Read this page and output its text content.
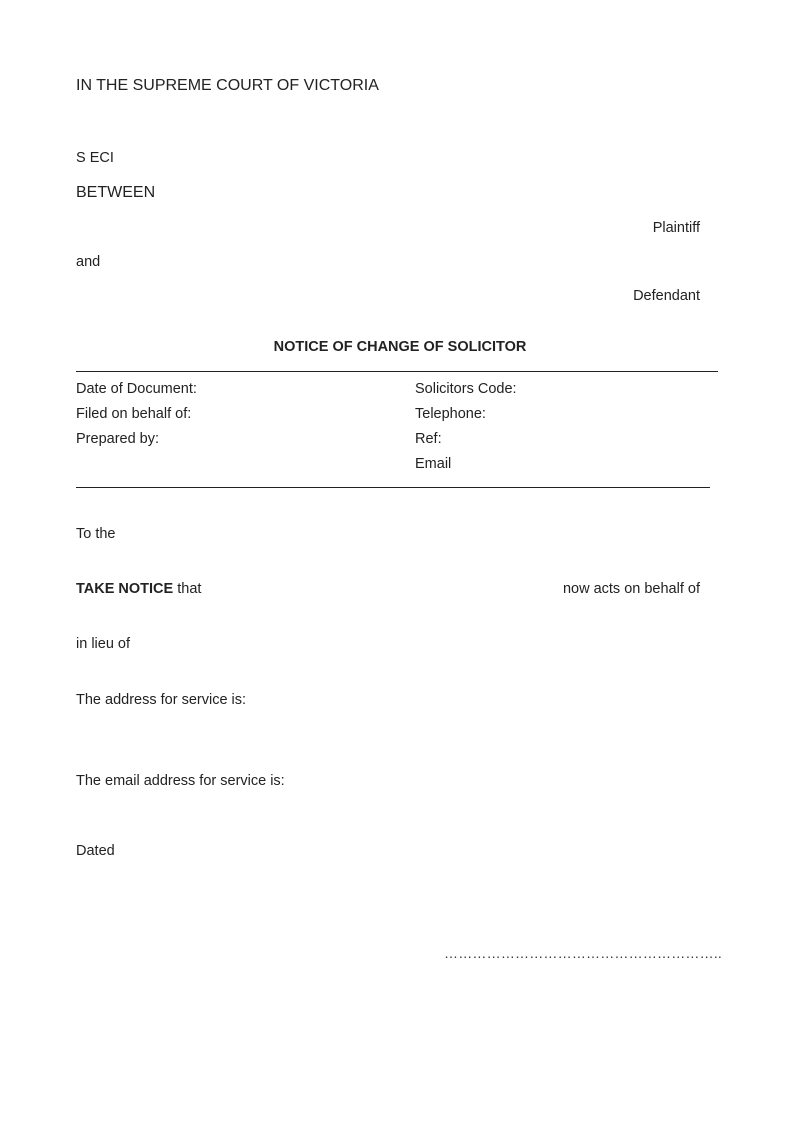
IN THE SUPREME COURT OF VICTORIA
S ECI
BETWEEN
Plaintiff
and
Defendant
NOTICE OF CHANGE OF SOLICITOR
Date of Document:
Filed on behalf of:
Prepared by:
Solicitors Code:
Telephone:
Ref:
Email
To the
TAKE NOTICE that	now acts on behalf of
in lieu of
The address for service is:
The email address for service is:
Dated
…………………………………………………..
